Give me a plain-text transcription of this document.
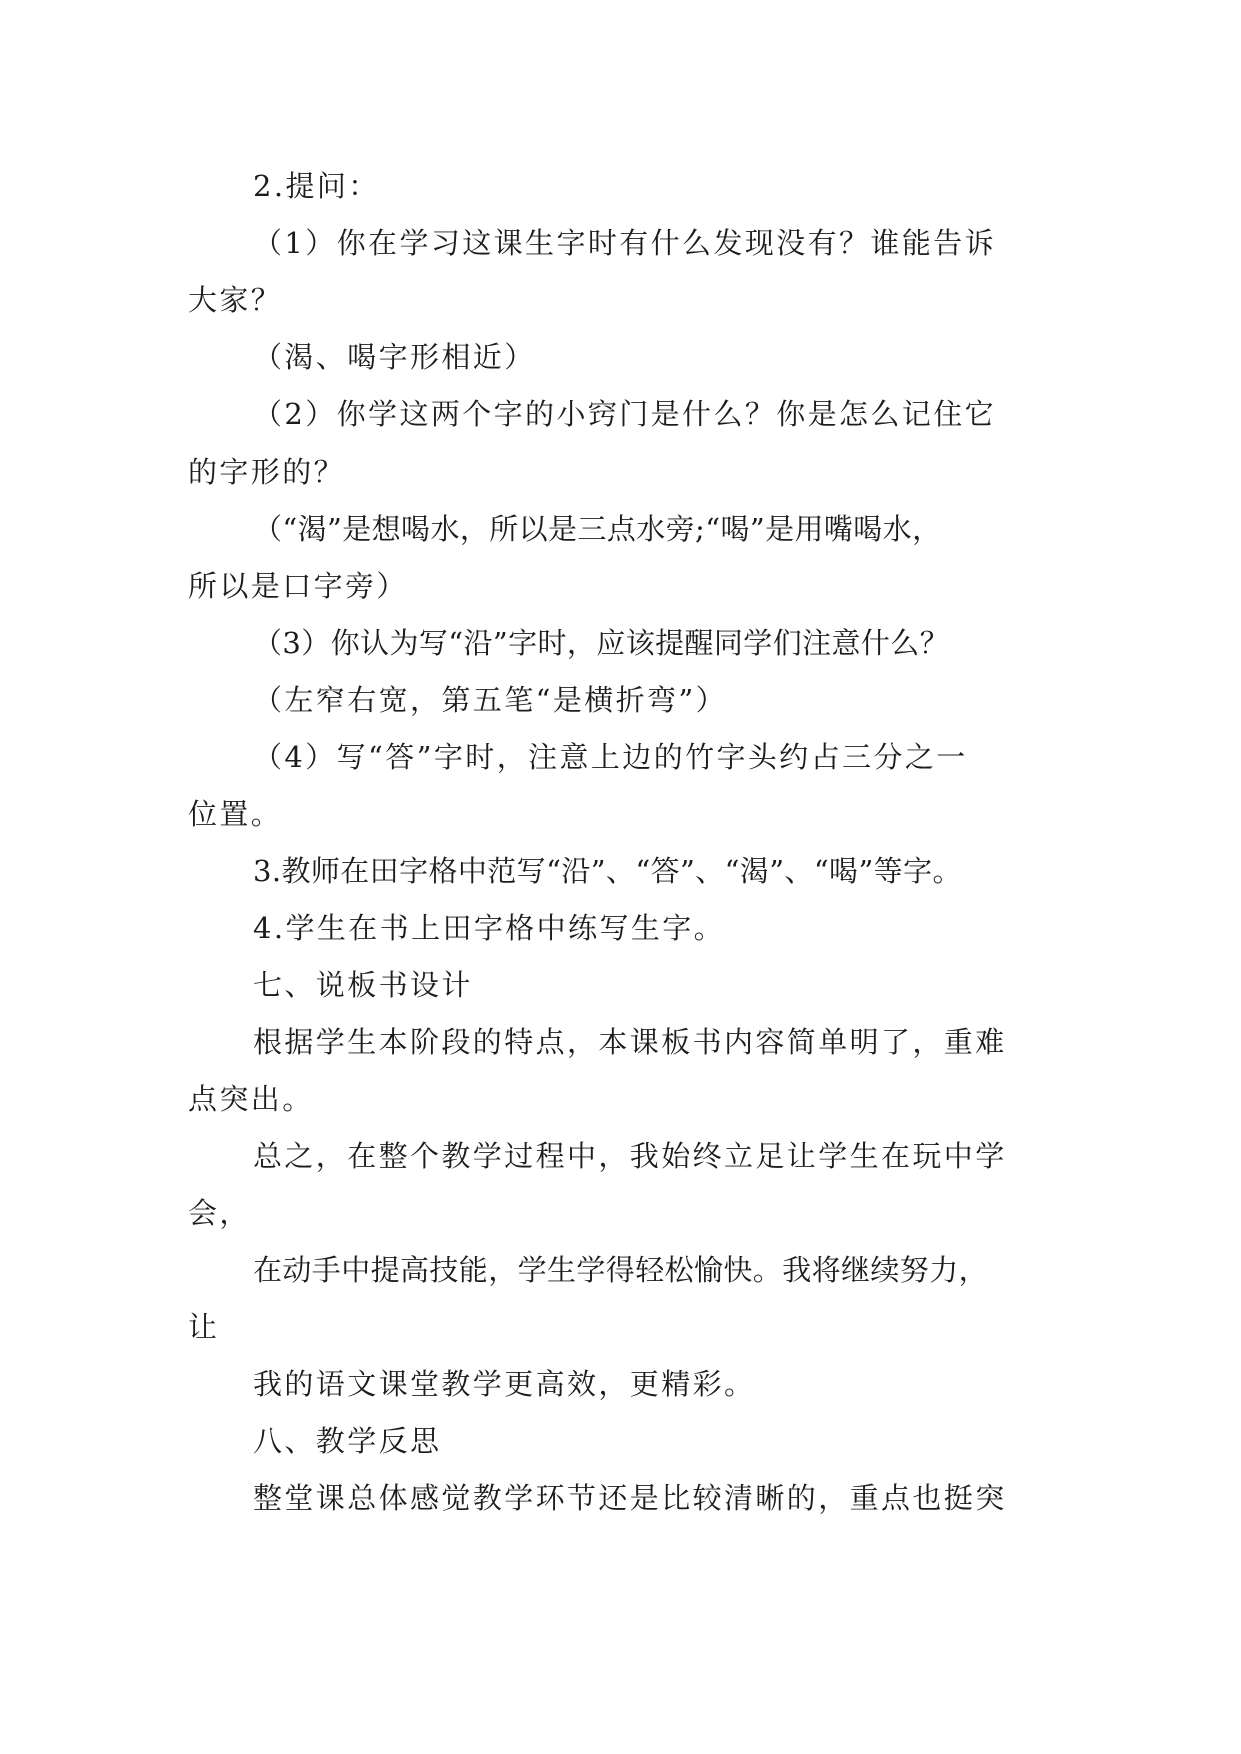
2.提问：

（1）你在学习这课生字时有什么发现没有？谁能告诉

大家？

（渴、喝字形相近）

（2）你学这两个字的小窍门是什么？你是怎么记住它

的字形的？

（“渴”是想喝水，所以是三点水旁;“喝”是用嘴喝水，

所以是口字旁）

（3）你认为写“沿”字时，应该提醒同学们注意什么？

（左窄右宽，第五笔“是横折弯”）

（4）写“答”字时，注意上边的竹字头约占三分之一

位置。

3.教师在田字格中范写“沿”、“答”、“渴”、“喝”等字。

4.学生在书上田字格中练写生字。

七、说板书设计

根据学生本阶段的特点，本课板书内容简单明了，重难

点突出。

总之，在整个教学过程中，我始终立足让学生在玩中学

会，

在动手中提高技能，学生学得轻松愉快。我将继续努力，

让

我的语文课堂教学更高效，更精彩。

八、教学反思

整堂课总体感觉教学环节还是比较清晰的，重点也挺突
